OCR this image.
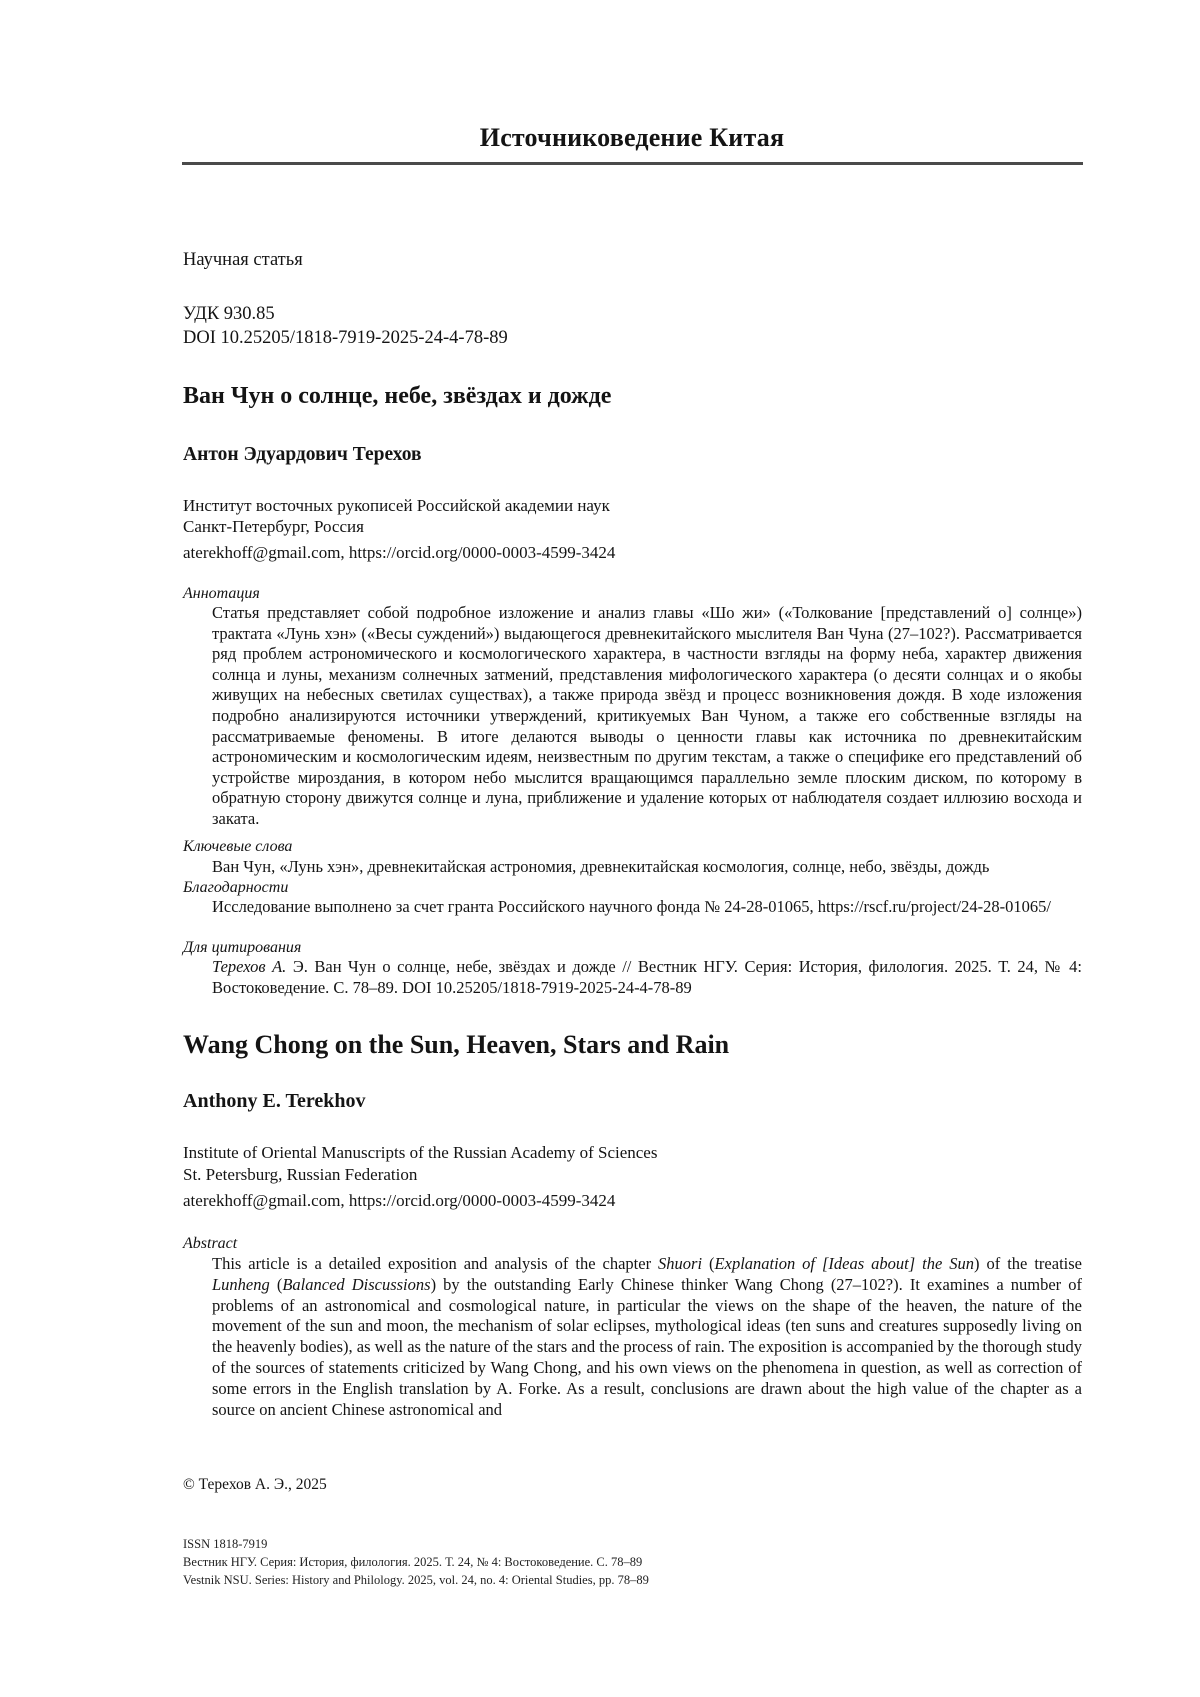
Источниковедение Китая
Научная статья
УДК 930.85
DOI 10.25205/1818-7919-2025-24-4-78-89
Ван Чун о солнце, небе, звёздах и дожде
Антон Эдуардович Терехов
Институт восточных рукописей Российской академии наук
Санкт-Петербург, Россия
aterekhoff@gmail.com, https://orcid.org/0000-0003-4599-3424
Аннотация
Статья представляет собой подробное изложение и анализ главы «Шо жи» («Толкование [представлений о] солнце») трактата «Лунь хэн» («Весы суждений») выдающегося древнекитайского мыслителя Ван Чуна (27–102?). Рассматривается ряд проблем астрономического и космологического характера, в частности взгляды на форму неба, характер движения солнца и луны, механизм солнечных затмений, представления мифологического характера (о десяти солнцах и о якобы живущих на небесных светилах существах), а также природа звёзд и процесс возникновения дождя. В ходе изложения подробно анализируются источники утверждений, критикуемых Ван Чуном, а также его собственные взгляды на рассматриваемые феномены. В итоге делаются выводы о ценности главы как источника по древнекитайским астрономическим и космологическим идеям, неизвестным по другим текстам, а также о специфике его представлений об устройстве мироздания, в котором небо мыслится вращающимся параллельно земле плоским диском, по которому в обратную сторону движутся солнце и луна, приближение и удаление которых от наблюдателя создает иллюзию восхода и заката.
Ключевые слова
Ван Чун, «Лунь хэн», древнекитайская астрономия, древнекитайская космология, солнце, небо, звёзды, дождь
Благодарности
Исследование выполнено за счет гранта Российского научного фонда № 24-28-01065, https://rscf.ru/project/24-28-01065/
Для цитирования
Терехов А. Э. Ван Чун о солнце, небе, звёздах и дожде // Вестник НГУ. Серия: История, филология. 2025. Т. 24, № 4: Востоковедение. С. 78–89. DOI 10.25205/1818-7919-2025-24-4-78-89
Wang Chong on the Sun, Heaven, Stars and Rain
Anthony E. Terekhov
Institute of Oriental Manuscripts of the Russian Academy of Sciences
St. Petersburg, Russian Federation
aterekhoff@gmail.com, https://orcid.org/0000-0003-4599-3424
Abstract
This article is a detailed exposition and analysis of the chapter Shuori (Explanation of [Ideas about] the Sun) of the treatise Lunheng (Balanced Discussions) by the outstanding Early Chinese thinker Wang Chong (27–102?). It examines a number of problems of an astronomical and cosmological nature, in particular the views on the shape of the heaven, the nature of the movement of the sun and moon, the mechanism of solar eclipses, mythological ideas (ten suns and creatures supposedly living on the heavenly bodies), as well as the nature of the stars and the process of rain. The exposition is accompanied by the thorough study of the sources of statements criticized by Wang Chong, and his own views on the phenomena in question, as well as correction of some errors in the English translation by A. Forke. As a result, conclusions are drawn about the high value of the chapter as a source on ancient Chinese astronomical and
© Терехов А. Э., 2025
ISSN 1818-7919
Вестник НГУ. Серия: История, филология. 2025. Т. 24, № 4: Востоковедение. С. 78–89
Vestnik NSU. Series: History and Philology. 2025, vol. 24, no. 4: Oriental Studies, pp. 78–89
